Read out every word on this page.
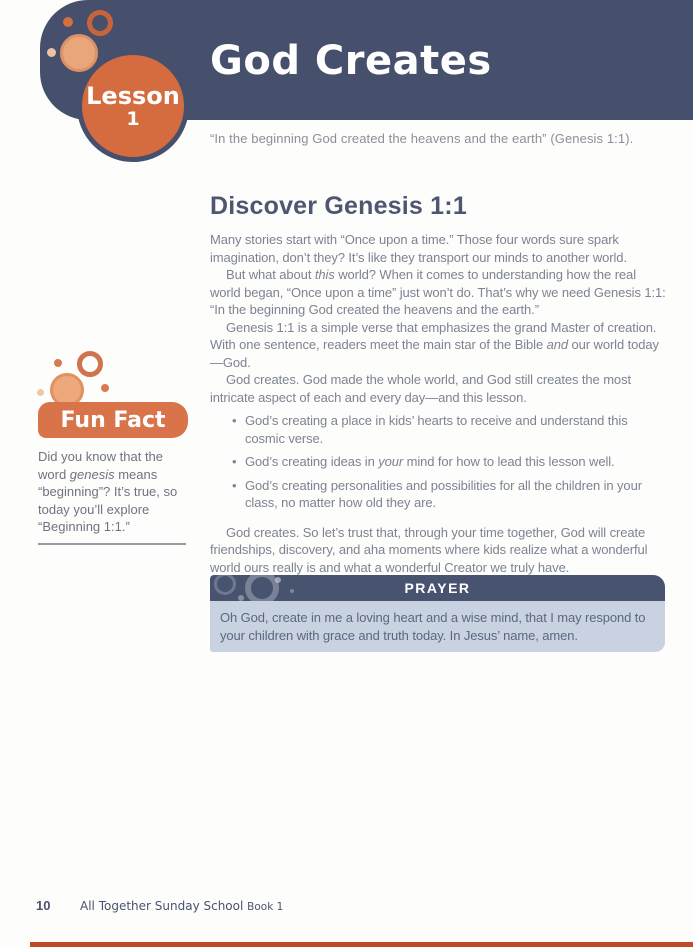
Lesson
1
God Creates
“In the beginning God created the heavens and the earth” (Genesis 1:1).
Discover Genesis 1:1

Many stories start with “Once upon a time.” Those four words sure spark imagination, don’t they? It’s like they transport our minds to another world.

But what about this world? When it comes to understanding how the real world began, “Once upon a time” just won’t do. That’s why we need Genesis 1:1: “In the beginning God created the heavens and the earth.”

Genesis 1:1 is a simple verse that emphasizes the grand Master of creation. With one sentence, readers meet the main star of the Bible and our world today—God.

God creates. God made the whole world, and God still creates the most intricate aspect of each and every day—and this lesson.

• God’s creating a place in kids’ hearts to receive and understand this cosmic verse.
• God’s creating ideas in your mind for how to lead this lesson well.
• God’s creating personalities and possibilities for all the children in your class, no matter how old they are.

God creates. So let’s trust that, through your time together, God will create friendships, discovery, and aha moments where kids realize what a wonderful world ours really is and what a wonderful Creator we truly have.

Fun Fact
Did you know that the word genesis means “beginning”? It’s true, so today you’ll explore “Beginning 1:1.”
PRAYER
Oh God, create in me a loving heart and a wise mind, that I may respond to your children with grace and truth today. In Jesus’ name, amen.
10 All Together Sunday School Book 1
